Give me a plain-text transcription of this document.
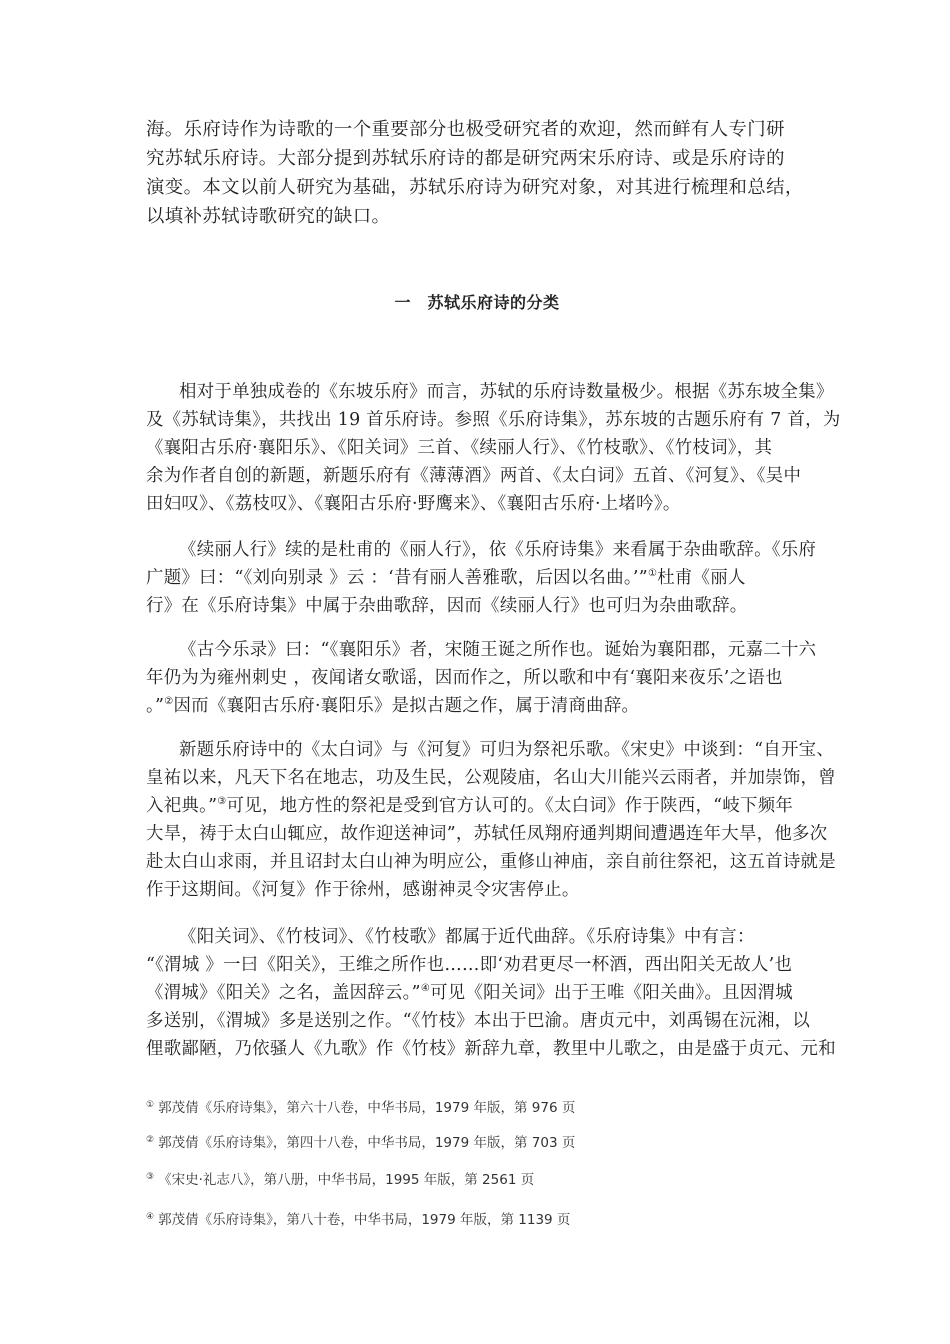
海。乐府诗作为诗歌的一个重要部分也极受研究者的欢迎，然而鲜有人专门研
究苏轼乐府诗。大部分提到苏轼乐府诗的都是研究两宋乐府诗、或是乐府诗的
演变。本文以前人研究为基础，苏轼乐府诗为研究对象，对其进行梳理和总结，
以填补苏轼诗歌研究的缺口。
一　苏轼乐府诗的分类
相对于单独成卷的《东坡乐府》而言，苏轼的乐府诗数量极少。根据《苏东坡全集》
及《苏轼诗集》，共找出 19 首乐府诗。参照《乐府诗集》，苏东坡的古题乐府有 7 首，为
《襄阳古乐府·襄阳乐》、《阳关词》三首、《续丽人行》、《竹枝歌》、《竹枝词》，其
余为作者自创的新题，新题乐府有《薄薄酒》两首、《太白词》五首、《河复》、《吴中
田妇叹》、《荔枝叹》、《襄阳古乐府·野鹰来》、《襄阳古乐府·上堵吟》。
《续丽人行》续的是杜甫的《丽人行》，依《乐府诗集》来看属于杂曲歌辞。《乐府
广题》曰：“《刘向别录 》云 ：‘昔有丽人善雅歌，后因以名曲。’”①杜甫《丽人
行》在《乐府诗集》中属于杂曲歌辞，因而《续丽人行》也可归为杂曲歌辞。
《古今乐录》曰：“《襄阳乐》者，宋随王诞之所作也。诞始为襄阳郡，元嘉二十六
年仍为为雍州刺史 ，夜闻诸女歌谣，因而作之，所以歌和中有‘襄阳来夜乐’之语也
。”②因而《襄阳古乐府·襄阳乐》是拟古题之作，属于清商曲辞。
新题乐府诗中的《太白词》与《河复》可归为祭祀乐歌。《宋史》中谈到：“自开宝、
皇祐以来，凡天下名在地志，功及生民，公观陵庙，名山大川能兴云雨者，并加崇饰，曾
入祀典。”③可见，地方性的祭祀是受到官方认可的。《太白词》作于陕西，“岐下频年
大旱，祷于太白山辄应，故作迎送神词”，苏轼任凤翔府通判期间遭遇连年大旱，他多次
赴太白山求雨，并且诏封太白山神为明应公，重修山神庙，亲自前往祭祀，这五首诗就是
作于这期间。《河复》作于徐州，感谢神灵令灾害停止。
《阳关词》、《竹枝词》、《竹枝歌》都属于近代曲辞。《乐府诗集》中有言：
“《渭城 》一曰《阳关》，王维之所作也……即‘劝君更尽一杯酒，西出阳关无故人’也
《渭城》《阳关》之名，盖因辞云。”④可见《阳关词》出于王唯《阳关曲》。且因渭城
多送别，《渭城》多是送别之作。“《竹枝》本出于巴渝。唐贞元中，刘禹锡在沅湘，以
俚歌鄙陋，乃依骚人《九歌》作《竹枝》新辞九章，教里中儿歌之，由是盛于贞元、元和
① 郭茂倩《乐府诗集》，第六十八卷，中华书局，1979 年版，第 976 页
② 郭茂倩《乐府诗集》，第四十八卷，中华书局，1979 年版，第 703 页
③ 《宋史·礼志八》，第八册，中华书局，1995 年版，第 2561 页
④ 郭茂倩《乐府诗集》，第八十卷，中华书局，1979 年版，第 1139 页
